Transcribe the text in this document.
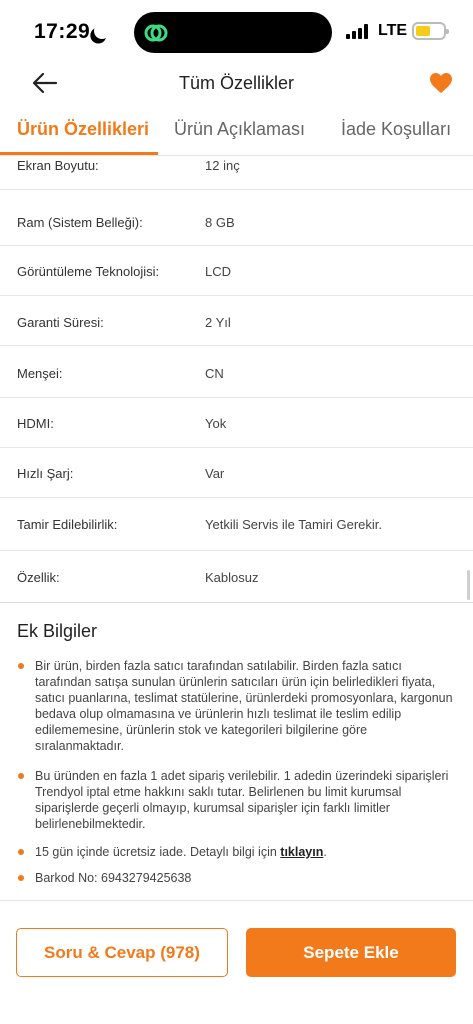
17:29	LTE
Tüm Özellikler
Ürün Özellikleri Ürün Açıklaması İade Koşulları
Ekran Boyutu:	12 inç
Ram (Sistem Belleği):	8 GB
Görüntüleme Teknolojisi:	LCD
Garanti Süresi:	2 Yıl
Menşei:	CN
HDMI:	Yok
Hızlı Şarj:	Var
Tamir Edilebilirlik:	Yetkili Servis ile Tamiri Gerekir.
Özellik:	Kablosuz
Ek Bilgiler
Bir ürün, birden fazla satıcı tarafından satılabilir. Birden fazla satıcı tarafından satışa sunulan ürünlerin satıcıları ürün için belirledikleri fiyata, satıcı puanlarına, teslimat statülerine, ürünlerdeki promosyonlara, kargonun bedava olup olmamasına ve ürünlerin hızlı teslimat ile teslim edilip edilememesine, ürünlerin stok ve kategorileri bilgilerine göre sıralanmaktadır.
Bu üründen en fazla 1 adet sipariş verilebilir. 1 adedin üzerindeki siparişleri Trendyol iptal etme hakkını saklı tutar. Belirlenen bu limit kurumsal siparişlerde geçerli olmayıp, kurumsal siparişler için farklı limitler belirlenebilmektedir.
15 gün içinde ücretsiz iade. Detaylı bilgi için tıklayın.
Barkod No: 6943279425638
Soru & Cevap (978)	Sepete Ekle
